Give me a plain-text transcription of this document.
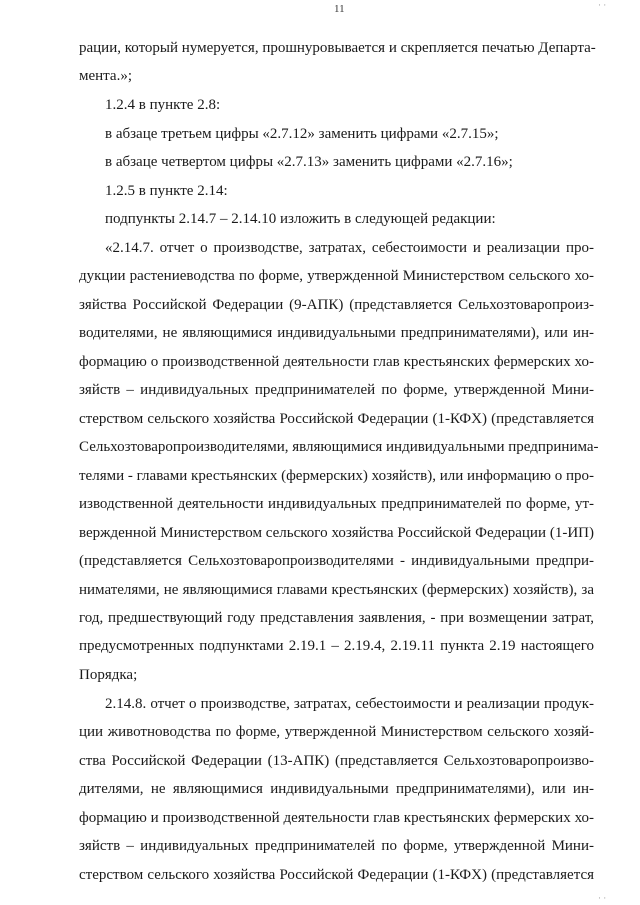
11
рации, который нумеруется, прошнуровывается и скрепляется печатью Департа-
мента.»;
1.2.4 в пункте 2.8:
в абзаце третьем цифры «2.7.12» заменить цифрами «2.7.15»;
в абзаце четвертом цифры «2.7.13» заменить цифрами «2.7.16»;
1.2.5 в пункте 2.14:
подпункты 2.14.7 – 2.14.10 изложить в следующей редакции:
«2.14.7. отчет о производстве, затратах, себестоимости и реализации про-
дукции растениеводства по форме, утвержденной Министерством сельского хо-
зяйства Российской Федерации (9-АПК) (представляется Сельхозтоваропроиз-
водителями, не являющимися индивидуальными предпринимателями), или ин-
формацию о производственной деятельности глав крестьянских фермерских хо-
зяйств – индивидуальных предпринимателей по форме, утвержденной Мини-
стерством сельского хозяйства Российской Федерации (1-КФХ) (представляется
Сельхозтоваропроизводителями, являющимися индивидуальными предпринима-
телями - главами крестьянских (фермерских) хозяйств), или информацию о про-
изводственной деятельности индивидуальных предпринимателей по форме, ут-
вержденной Министерством сельского хозяйства Российской Федерации (1-ИП)
(представляется Сельхозтоваропроизводителями - индивидуальными предпри-
нимателями, не являющимися главами крестьянских (фермерских) хозяйств), за
год, предшествующий году представления заявления, - при возмещении затрат,
предусмотренных подпунктами 2.19.1 – 2.19.4, 2.19.11 пункта 2.19 настоящего
Порядка;
2.14.8. отчет о производстве, затратах, себестоимости и реализации продук-
ции животноводства по форме, утвержденной Министерством сельского хозяй-
ства Российской Федерации (13-АПК) (представляется Сельхозтоваропроизво-
дителями, не являющимися индивидуальными предпринимателями), или ин-
формацию и производственной деятельности глав крестьянских фермерских хо-
зяйств – индивидуальных предпринимателей по форме, утвержденной Мини-
стерством сельского хозяйства Российской Федерации (1-КФХ) (представляется
· ·
· ·
